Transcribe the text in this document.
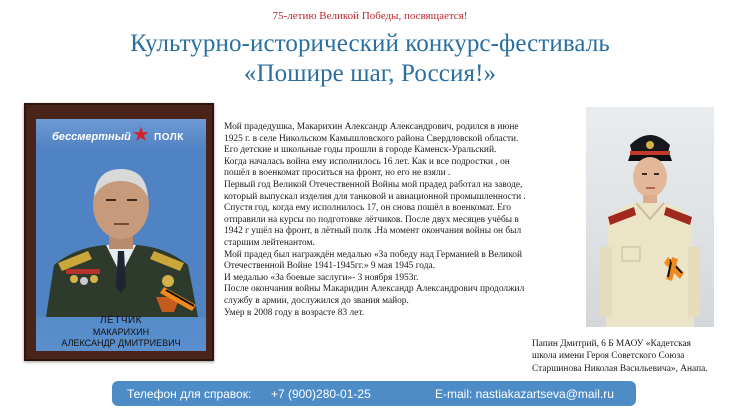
75-летию Великой Победы, посвящается!
Культурно-исторический конкурс-фестиваль
«Пошире шаг, Россия!»
бессмертный ★ ПОЛК
ЛЁТЧИК
МАКАРИХИН
АЛЕКСАНДР ДМИТРИЕВИЧ

Мой прадедушка, Макарихин Александр Александрович, родился в июне

1925 г. в селе Никольском Камышловского района Свердловской области.

Его детские и школьные годы прошли в городе Каменск-Уральский.

Когда началась война ему исполнилось 16 лет. Как и все подростки , он

пошёл в военкомат проситься на фронт, но его не взяли .

Первый год Великой Отечественной Войны мой прадед работал на заводе,

который выпускал изделия для танковой и авиационной промышленности .

Спустя год, когда ему исполнилось 17, он снова пошёл в военкомат. Его

отправили на курсы по подготовке лётчиков. После двух месяцев учёбы в

1942 г ушёл на фронт, в лётный полк .На момент окончания войны он был

старшим лейтенантом.

Мой прадед был награждён медалью «За победу над Германией в Великой

Отечественной Войне 1941-1945гг.» 9 мая 1945 года.

И медалью «За боевые заслуги»- 3 ноября 1953г.

После окончания войны Макаридин Александр Александрович продолжил

службу в армии, дослужился до звания майор.

Умер в 2008 году в возрасте 83 лет.

Папин Дмитрий, 6 Б МАОУ «Кадетская
школа имени Героя Советского Союза
Старшинова Николая Васильевича», Анапа.
Телефон для справок: +7 (900)280-01-25	E-mail: nastiakazartseva@mail.ru
